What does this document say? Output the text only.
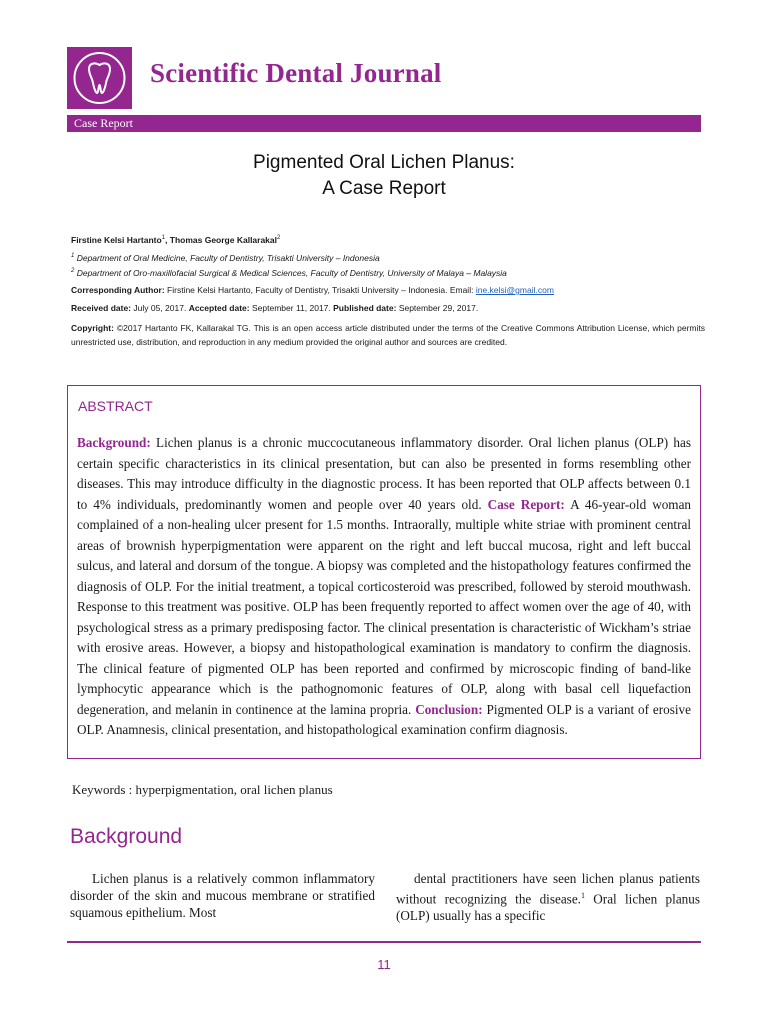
Scientific Dental Journal
Case Report
Pigmented Oral Lichen Planus:
A Case Report
Firstine Kelsi Hartanto$^1$, Thomas George Kallarakal$^2$
$^1$ Department of Oral Medicine, Faculty of Dentistry, Trisakti University – Indonesia
$^2$ Department of Oro-maxillofacial Surgical & Medical Sciences, Faculty of Dentistry, University of Malaya – Malaysia
Corresponding Author: Firstine Kelsi Hartanto, Faculty of Dentistry, Trisakti University – Indonesia. Email: ine.kelsi@gmail.com
Received date: July 05, 2017. Accepted date: September 11, 2017. Published date: September 29, 2017.
Copyright: ©2017 Hartanto FK, Kallarakal TG. This is an open access article distributed under the terms of the Creative Commons Attribution License, which permits unrestricted use, distribution, and reproduction in any medium provided the original author and sources are credited.
ABSTRACT
Background: Lichen planus is a chronic muccocutaneous inflammatory disorder. Oral lichen planus (OLP) has certain specific characteristics in its clinical presentation, but can also be presented in forms resembling other diseases. This may introduce difficulty in the diagnostic process. It has been reported that OLP affects between 0.1 to 4% individuals, predominantly women and people over 40 years old. Case Report: A 46-year-old woman complained of a non-healing ulcer present for 1.5 months. Intraorally, multiple white striae with prominent central areas of brownish hyperpigmentation were apparent on the right and left buccal mucosa, right and left buccal sulcus, and lateral and dorsum of the tongue. A biopsy was completed and the histopathology features confirmed the diagnosis of OLP. For the initial treatment, a topical corticosteroid was prescribed, followed by steroid mouthwash. Response to this treatment was positive. OLP has been frequently reported to affect women over the age of 40, with psychological stress as a primary predisposing factor. The clinical presentation is characteristic of Wickham’s striae with erosive areas. However, a biopsy and histopathological examination is mandatory to confirm the diagnosis. The clinical feature of pigmented OLP has been reported and confirmed by microscopic finding of band-like lymphocytic appearance which is the pathognomonic features of OLP, along with basal cell liquefaction degeneration, and melanin in continence at the lamina propria. Conclusion: Pigmented OLP is a variant of erosive OLP. Anamnesis, clinical presentation, and histopathological examination confirm diagnosis.
Keywords : hyperpigmentation, oral lichen planus
Background
Lichen planus is a relatively common inflammatory disorder of the skin and mucous membrane or stratified squamous epithelium. Most
dental practitioners have seen lichen planus patients without recognizing the disease.$^1$ Oral lichen planus (OLP) usually has a specific
11
